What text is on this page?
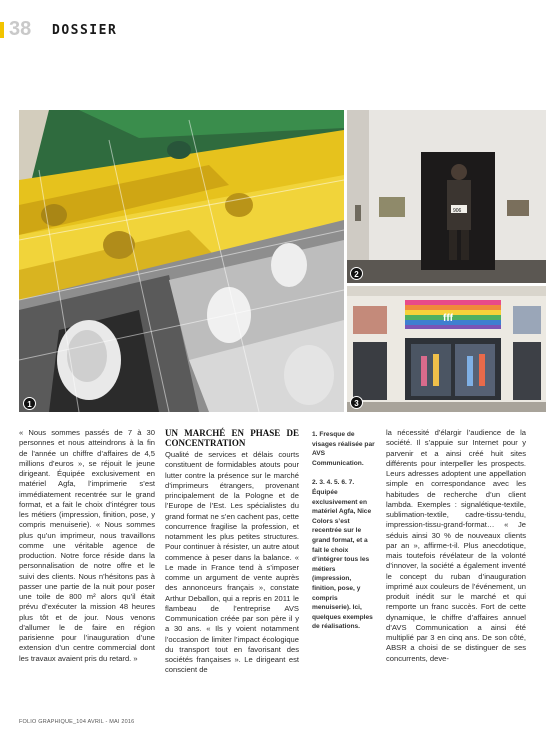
38 DOSSIER
1
906
2
fff
3
« Nous sommes passés de 7 à 30 personnes et nous atteindrons à la fin de l’année un chiffre d’affaires de 4,5 millions d’euros », se réjouit le jeune dirigeant. Équipée exclusivement en matériel Agfa, l’imprimerie s’est immédiatement recentrée sur le grand format, et a fait le choix d’intégrer tous les métiers (impression, finition, pose, y compris menuiserie). « Nous sommes plus qu’un imprimeur, nous travaillons comme une véritable agence de production. Notre force réside dans la personnalisation de notre offre et le suivi des clients. Nous n’hésitons pas à passer une partie de la nuit pour poser une toile de 800 m² alors qu’il était prévu d’exécuter la mission 48 heures plus tôt et de jour. Nous venons d’allumer le de faire en région parisienne pour l’inauguration d’une extension d’un centre commercial dont les travaux avaient pris du retard. »
UN MARCHÉ EN PHASE DE CONCENTRATION
Qualité de services et délais courts constituent de formidables atouts pour lutter contre la présence sur le marché d’imprimeurs étrangers, provenant principalement de la Pologne et de l’Europe de l’Est. Les spécialistes du grand format ne s’en cachent pas, cette concurrence fragilise la profession, et notamment les plus petites structures. Pour continuer à résister, un autre atout commence à peser dans la balance. « Le made in France tend à s’imposer comme un argument de vente auprès des annonceurs français », constate Arthur Deballon, qui a repris en 2011 le flambeau de l’entreprise AVS Communication créée par son père il y a 30 ans. « Ils y voient notamment l’occasion de limiter l’impact écologique du transport tout en favorisant des sociétés françaises ». Le dirigeant est conscient de

1. Fresque de visages réalisée par AVS Communication.

2. 3. 4. 5. 6. 7. Équipée exclusivement en matériel Agfa, Nice Colors s’est recentrée sur le grand format, et a fait le choix d’intégrer tous les métiers (impression, finition, pose, y compris menuiserie). Ici, quelques exemples de réalisations.

la nécessité d’élargir l’audience de la société. Il s’appuie sur Internet pour y parvenir et a ainsi créé huit sites différents pour interpeller les prospects. Leurs adresses adoptent une appellation simple en correspondance avec les habitudes de recherche d’un client lambda. Exemples : signalétique-textile, sublimation-textile, cadre-tissu-tendu, impression-tissu-grand-format… « Je séduis ainsi 30 % de nouveaux clients par an », affirme-t-il. Plus anecdotique, mais toutefois révélateur de la volonté d’innover, la société a également inventé le concept du ruban d’inauguration imprimé aux couleurs de l’événement, un produit inédit sur le marché et qui remporte un franc succès. Fort de cette dynamique, le chiffre d’affaires annuel d’AVS Communication a ainsi été multiplié par 3 en cinq ans. De son côté, ABSR a choisi de se distinguer de ses concurrents, deve-
FOLIO GRAPHIQUE_104 AVRIL - MAI 2016
